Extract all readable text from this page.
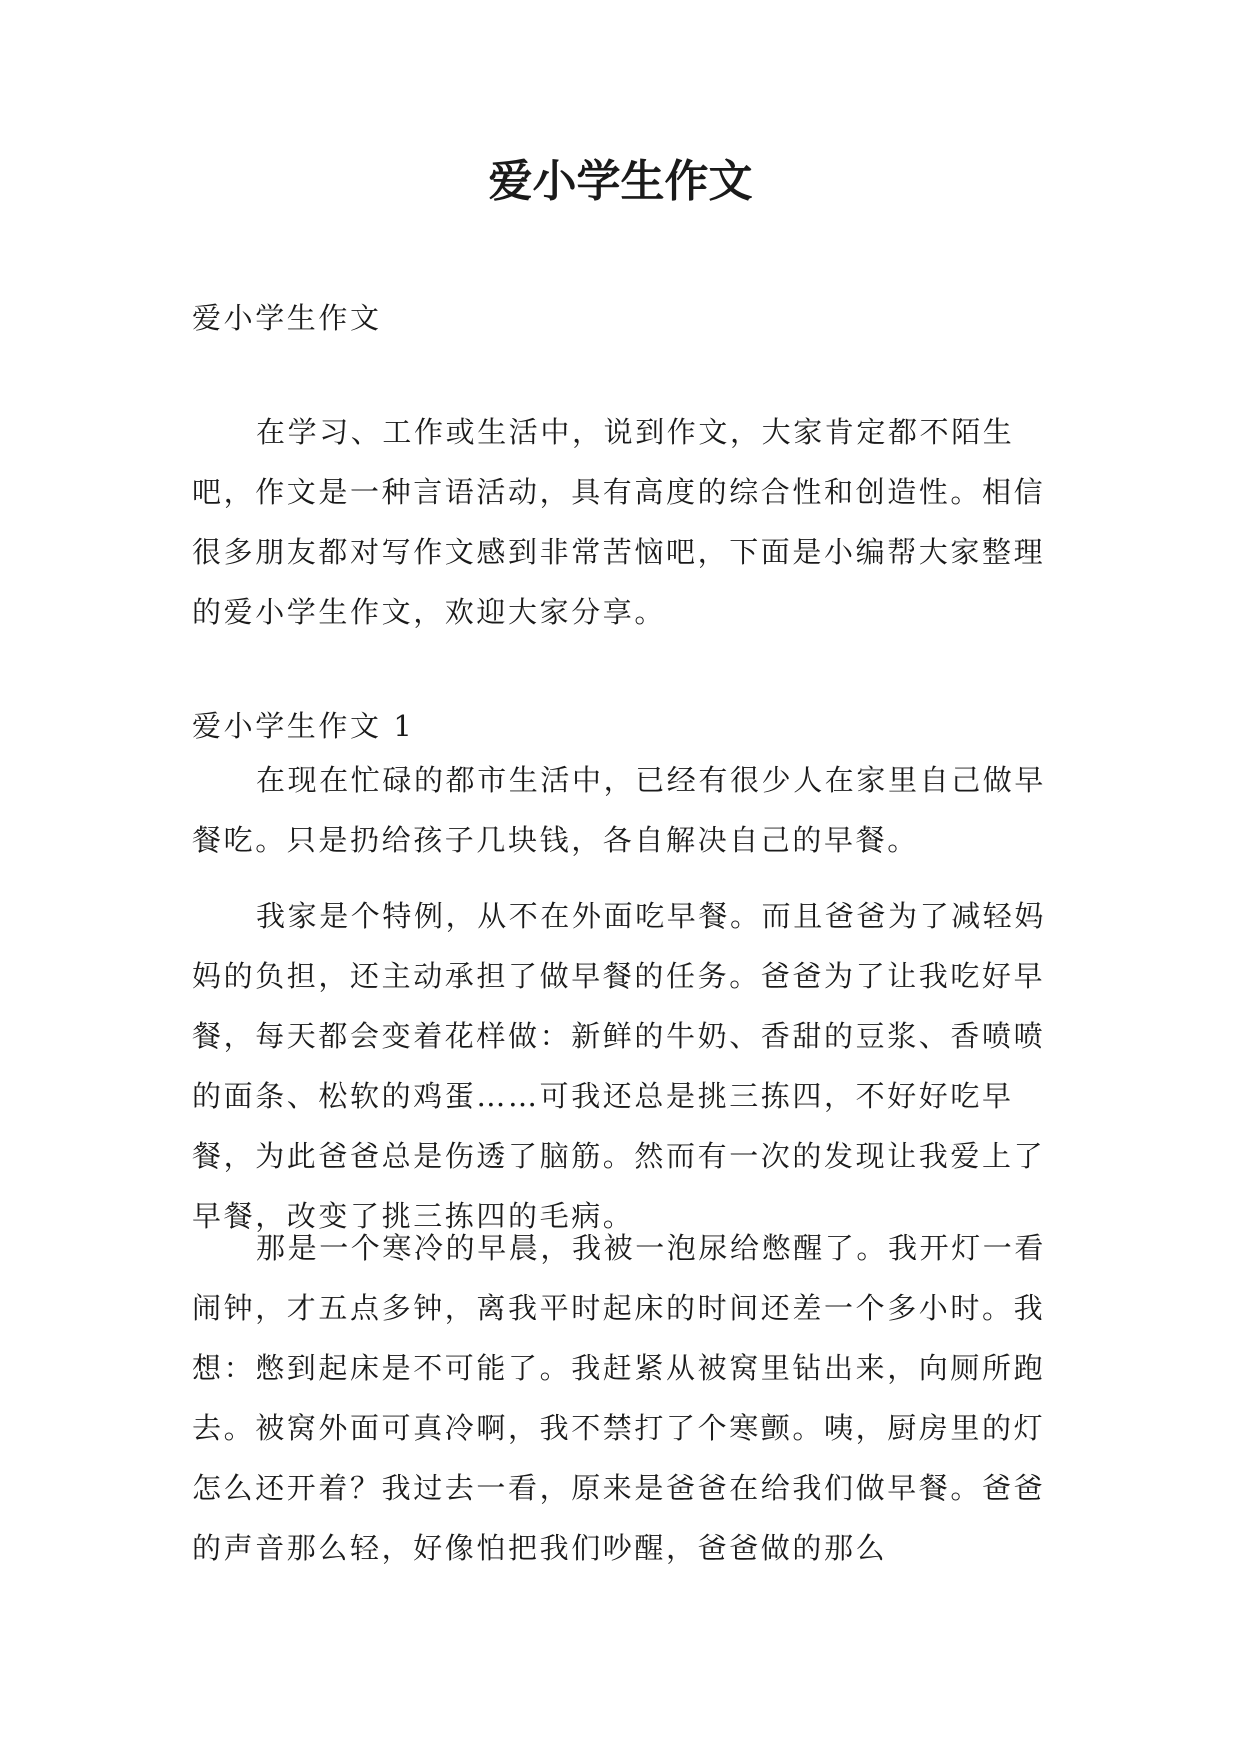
爱小学生作文

爱小学生作文

在学习、工作或生活中，说到作文，大家肯定都不陌生吧，作文是一种言语活动，具有高度的综合性和创造性。相信很多朋友都对写作文感到非常苦恼吧，下面是小编帮大家整理的爱小学生作文，欢迎大家分享。

爱小学生作文 1

在现在忙碌的都市生活中，已经有很少人在家里自己做早餐吃。只是扔给孩子几块钱，各自解决自己的早餐。

我家是个特例，从不在外面吃早餐。而且爸爸为了减轻妈妈的负担，还主动承担了做早餐的任务。爸爸为了让我吃好早餐，每天都会变着花样做：新鲜的牛奶、香甜的豆浆、香喷喷的面条、松软的鸡蛋……可我还总是挑三拣四，不好好吃早餐，为此爸爸总是伤透了脑筋。然而有一次的发现让我爱上了早餐，改变了挑三拣四的毛病。

那是一个寒冷的早晨，我被一泡尿给憋醒了。我开灯一看闹钟，才五点多钟，离我平时起床的时间还差一个多小时。我想：憋到起床是不可能了。我赶紧从被窝里钻出来，向厕所跑去。被窝外面可真冷啊，我不禁打了个寒颤。咦，厨房里的灯怎么还开着？我过去一看，原来是爸爸在给我们做早餐。爸爸的声音那么轻，好像怕把我们吵醒，爸爸做的那么
